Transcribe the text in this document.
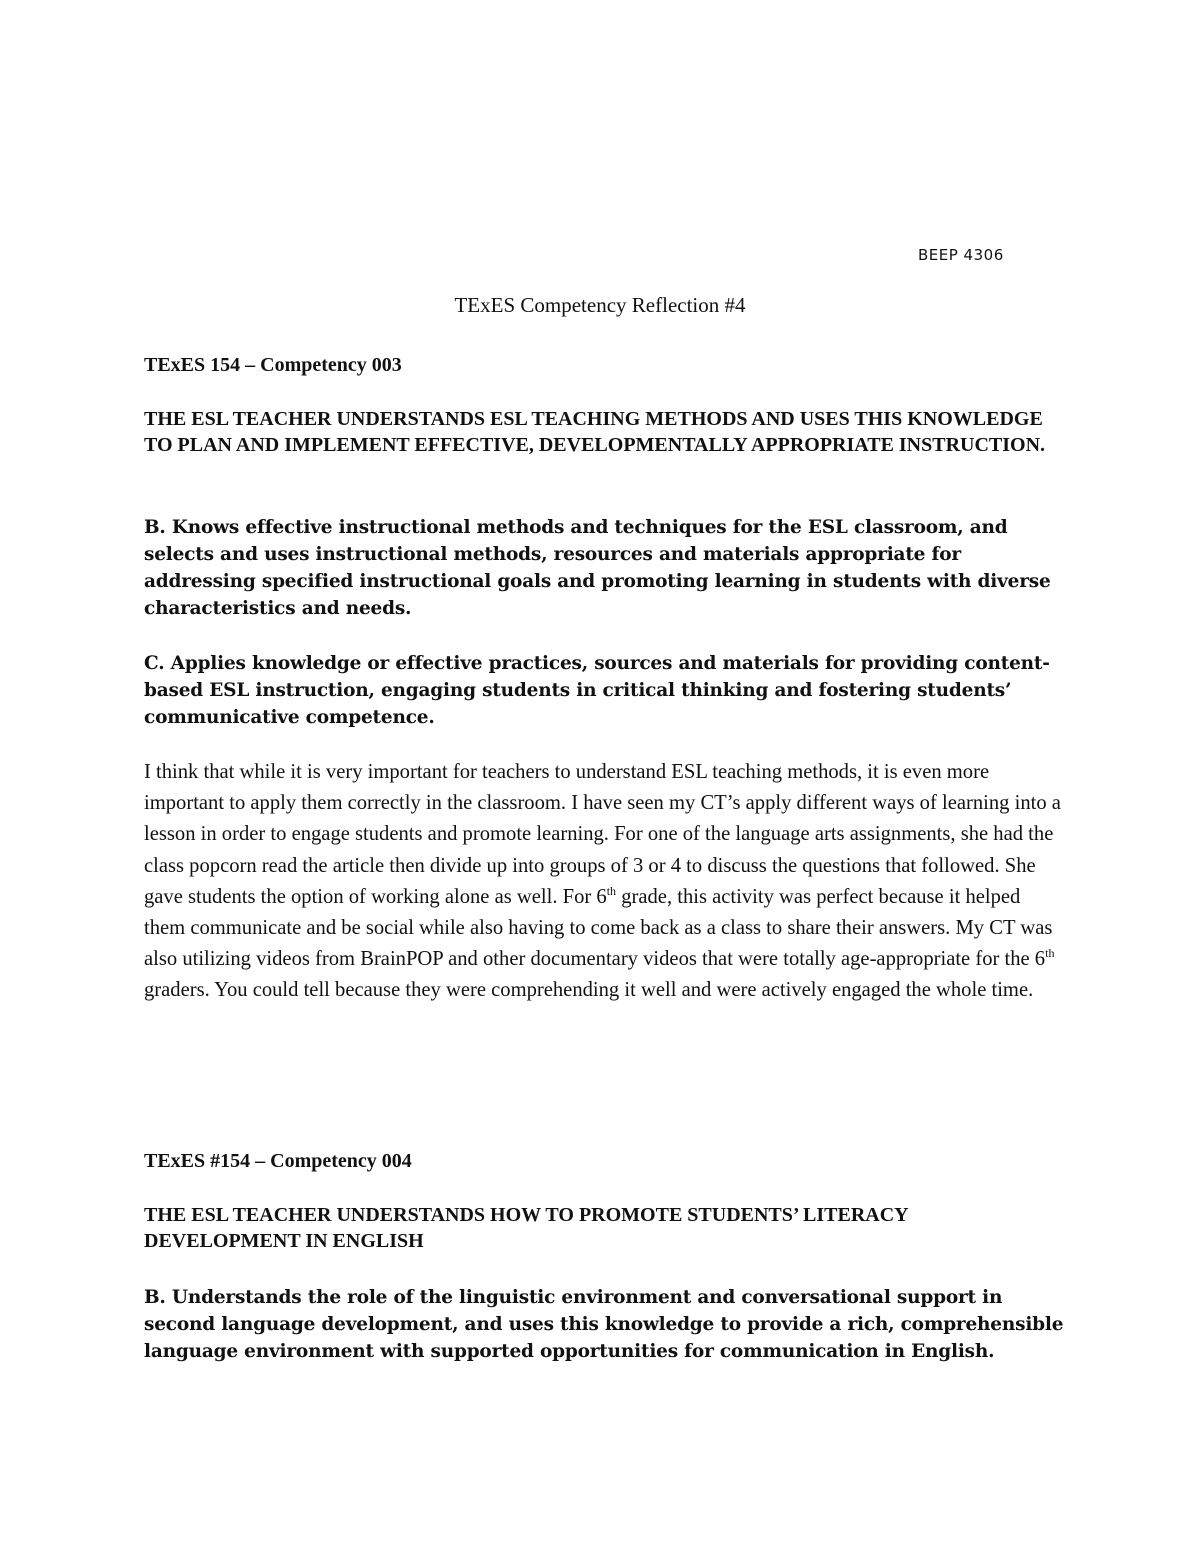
BEEP 4306

TExES Competency Reflection #4

TExES 154 – Competency 003

THE ESL TEACHER UNDERSTANDS ESL TEACHING METHODS AND USES THIS KNOWLEDGE TO PLAN AND IMPLEMENT EFFECTIVE, DEVELOPMENTALLY APPROPRIATE INSTRUCTION.

B. Knows effective instructional methods and techniques for the ESL classroom, and selects and uses instructional methods, resources and materials appropriate for addressing specified instructional goals and promoting learning in students with diverse characteristics and needs.

C. Applies knowledge or effective practices, sources and materials for providing content-based ESL instruction, engaging students in critical thinking and fostering students’ communicative competence.

I think that while it is very important for teachers to understand ESL teaching methods, it is even more important to apply them correctly in the classroom. I have seen my CT’s apply different ways of learning into a lesson in order to engage students and promote learning. For one of the language arts assignments, she had the class popcorn read the article then divide up into groups of 3 or 4 to discuss the questions that followed. She gave students the option of working alone as well. For 6th grade, this activity was perfect because it helped them communicate and be social while also having to come back as a class to share their answers. My CT was also utilizing videos from BrainPOP and other documentary videos that were totally age-appropriate for the 6th graders. You could tell because they were comprehending it well and were actively engaged the whole time.

TExES #154 – Competency 004

THE ESL TEACHER UNDERSTANDS HOW TO PROMOTE STUDENTS’ LITERACY DEVELOPMENT IN ENGLISH

B. Understands the role of the linguistic environment and conversational support in second language development, and uses this knowledge to provide a rich, comprehensible language environment with supported opportunities for communication in English.
